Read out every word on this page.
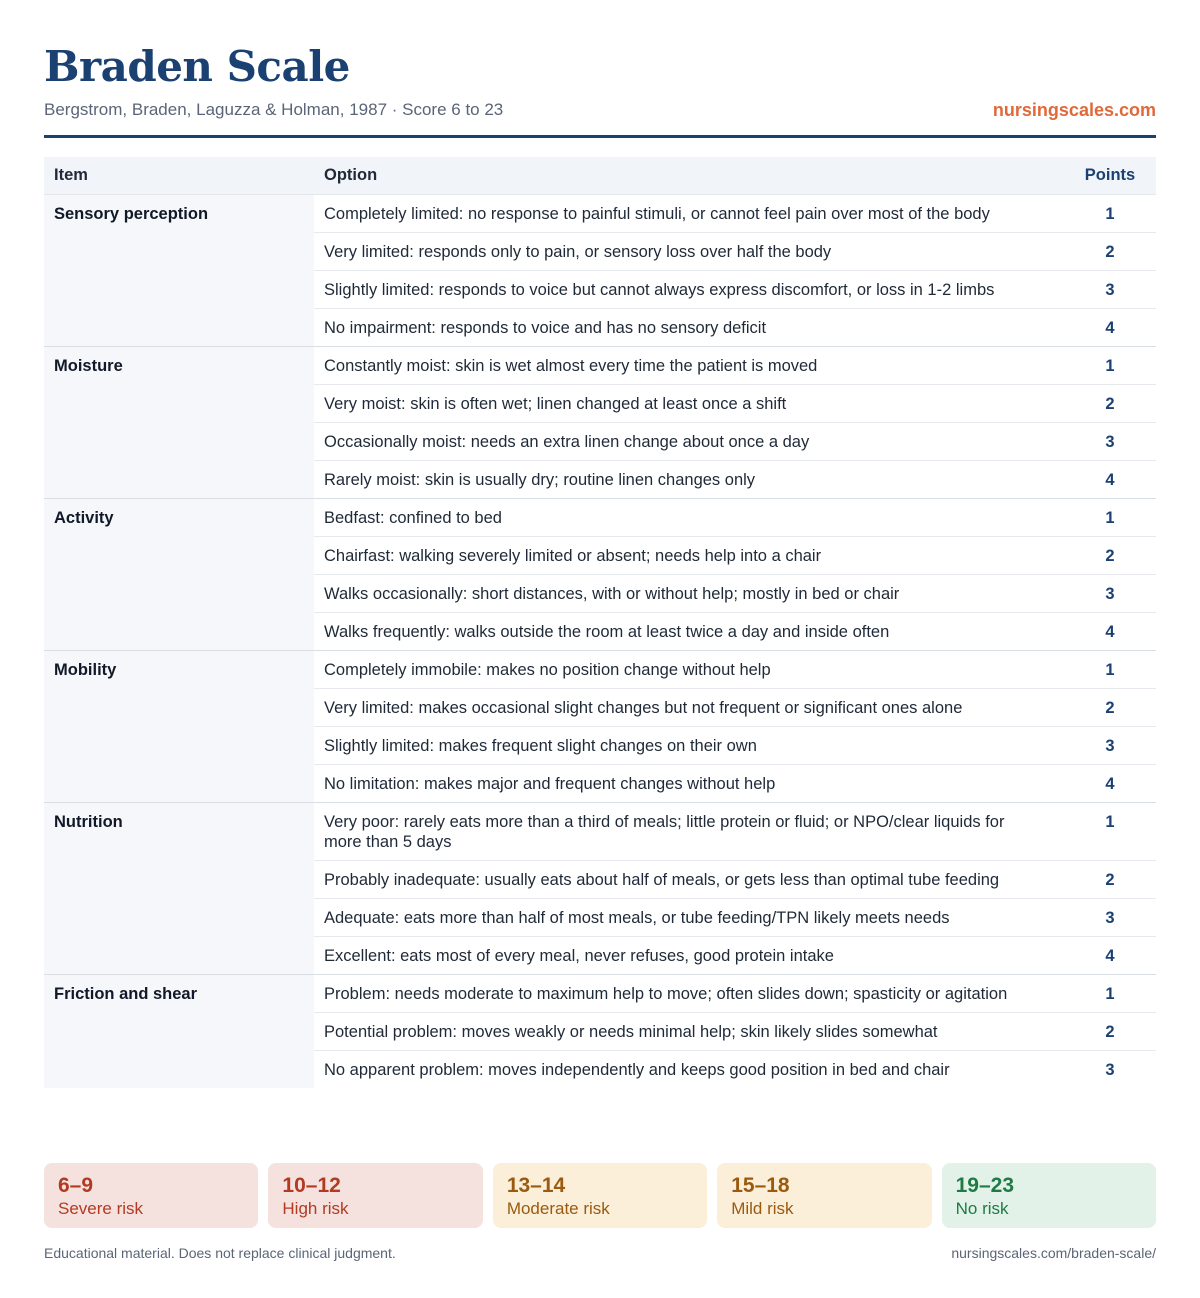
Braden Scale
Bergstrom, Braden, Laguzza & Holman, 1987 · Score 6 to 23	nursingscales.com
Item	Option	Points
Sensory perception	Completely limited: no response to painful stimuli, or cannot feel pain over most of the body	1
	Very limited: responds only to pain, or sensory loss over half the body	2
	Slightly limited: responds to voice but cannot always express discomfort, or loss in 1-2 limbs	3
	No impairment: responds to voice and has no sensory deficit	4
Moisture	Constantly moist: skin is wet almost every time the patient is moved	1
	Very moist: skin is often wet; linen changed at least once a shift	2
	Occasionally moist: needs an extra linen change about once a day	3
	Rarely moist: skin is usually dry; routine linen changes only	4
Activity	Bedfast: confined to bed	1
	Chairfast: walking severely limited or absent; needs help into a chair	2
	Walks occasionally: short distances, with or without help; mostly in bed or chair	3
	Walks frequently: walks outside the room at least twice a day and inside often	4
Mobility	Completely immobile: makes no position change without help	1
	Very limited: makes occasional slight changes but not frequent or significant ones alone	2
	Slightly limited: makes frequent slight changes on their own	3
	No limitation: makes major and frequent changes without help	4
Nutrition	Very poor: rarely eats more than a third of meals; little protein or fluid; or NPO/clear liquids for more than 5 days	1
	Probably inadequate: usually eats about half of meals, or gets less than optimal tube feeding	2
	Adequate: eats more than half of most meals, or tube feeding/TPN likely meets needs	3
	Excellent: eats most of every meal, never refuses, good protein intake	4
Friction and shear	Problem: needs moderate to maximum help to move; often slides down; spasticity or agitation	1
	Potential problem: moves weakly or needs minimal help; skin likely slides somewhat	2
	No apparent problem: moves independently and keeps good position in bed and chair	3
6–9
Severe risk
10–12
High risk
13–14
Moderate risk
15–18
Mild risk
19–23
No risk
Educational material. Does not replace clinical judgment.	nursingscales.com/braden-scale/
